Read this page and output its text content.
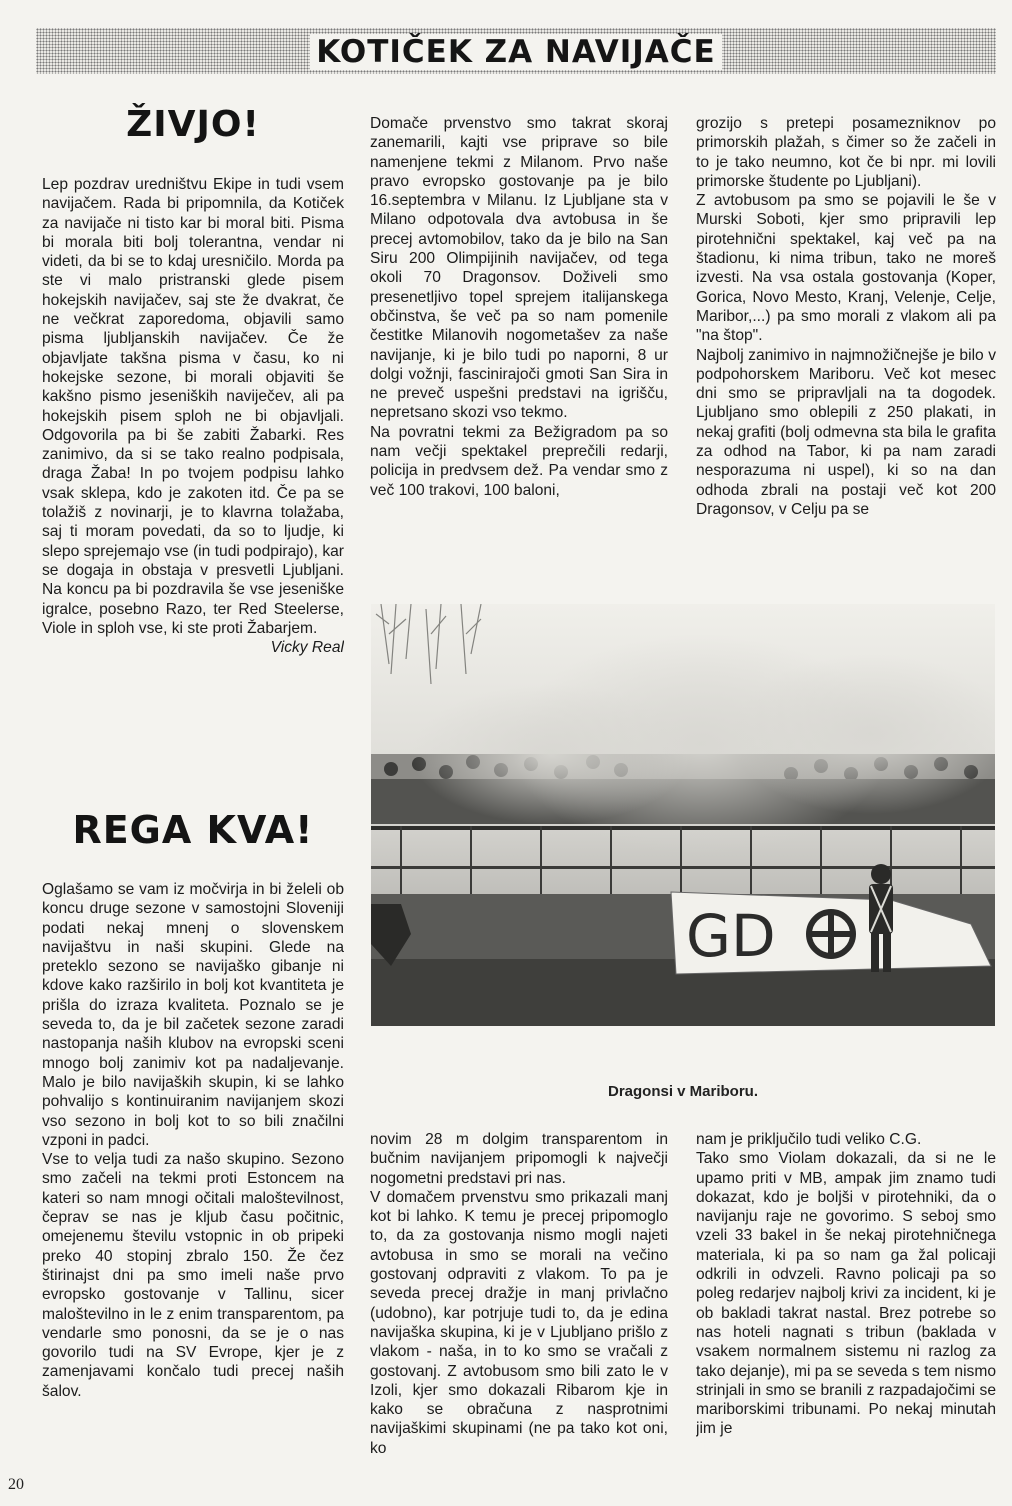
KOTIČEK ZA NAVIJAČE
ŽIVJO!

Lep pozdrav uredništvu Ekipe in tudi vsem navijačem. Rada bi pripomnila, da Kotiček za navijače ni tisto kar bi moral biti. Pisma bi morala biti bolj tolerantna, vendar ni videti, da bi se to kdaj uresničilo. Morda pa ste vi malo pristranski glede pisem hokejskih navijačev, saj ste že dvakrat, če ne večkrat zaporedoma, objavili samo pisma ljubljanskih navijačev. Če že objavljate takšna pisma v času, ko ni hokejske sezone, bi morali objaviti še kakšno pismo jeseniških naviječev, ali pa hokejskih pisem sploh ne bi objavljali. Odgovorila pa bi še zabiti Žabarki. Res zanimivo, da si se tako realno podpisala, draga Žaba! In po tvojem podpisu lahko vsak sklepa, kdo je zakoten itd. Če pa se tolažiš z novinarji, je to klavrna tolažaba, saj ti moram povedati, da so to ljudje, ki slepo sprejemajo vse (in tudi podpirajo), kar se dogaja in obstaja v presvetli Ljubljani. Na koncu pa bi pozdravila še vse jeseniške igralce, posebno Razo, ter Red Steelerse, Viole in sploh vse, ki ste proti Žabarjem.

Vicky Real
REGA KVA!

Oglašamo se vam iz močvirja in bi želeli ob koncu druge sezone v samostojni Sloveniji podati nekaj mnenj o slovenskem navijaštvu in naši skupini. Glede na preteklo sezono se navijaško gibanje ni kdove kako razširilo in bolj kot kvantiteta je prišla do izraza kvaliteta. Poznalo se je seveda to, da je bil začetek sezone zaradi nastopanja naših klubov na evropski sceni mnogo bolj zanimiv kot pa nadaljevanje. Malo je bilo navijaških skupin, ki se lahko pohvalijo s kontinuiranim navijanjem skozi vso sezono in bolj kot to so bili značilni vzponi in padci.

Vse to velja tudi za našo skupino. Sezono smo začeli na tekmi proti Estoncem na kateri so nam mnogi očitali maloštevilnost, čeprav se nas je kljub času počitnic, omejenemu številu vstopnic in ob pripeki preko 40 stopinj zbralo 150. Že čez štirinajst dni pa smo imeli naše prvo evropsko gostovanje v Tallinu, sicer maloštevilno in le z enim transparentom, pa vendarle smo ponosni, da se je o nas govorilo tudi na SV Evrope, kjer je z zamenjavami končalo tudi precej naših šalov.

Domače prvenstvo smo takrat skoraj zanemarili, kajti vse priprave so bile namenjene tekmi z Milanom. Prvo naše pravo evropsko gostovanje pa je bilo 16.septembra v Milanu. Iz Ljubljane sta v Milano odpotovala dva avtobusa in še precej avtomobilov, tako da je bilo na San Siru 200 Olimpijinih navijačev, od tega okoli 70 Dragonsov. Doživeli smo presenetljivo topel sprejem italijanskega občinstva, še več pa so nam pomenile čestitke Milanovih nogometašev za naše navijanje, ki je bilo tudi po naporni, 8 ur dolgi vožnji, fascinirajoči gmoti San Sira in ne preveč uspešni predstavi na igrišču, nepretsano skozi vso tekmo.

Na povratni tekmi za Bežigradom pa so nam večji spektakel preprečili redarji, policija in predvsem dež. Pa vendar smo z več 100 trakovi, 100 baloni,

grozijo s pretepi posamezniknov po primorskih plažah, s čimer so že začeli in to je tako neumno, kot če bi npr. mi lovili primorske študente po Ljubljani).

Z avtobusom pa smo se pojavili le še v Murski Soboti, kjer smo pripravili lep pirotehnični spektakel, kaj več pa na štadionu, ki nima tribun, tako ne moreš izvesti. Na vsa ostala gostovanja (Koper, Gorica, Novo Mesto, Kranj, Velenje, Celje, Maribor,...) pa smo morali z vlakom ali pa "na štop".

Najbolj zanimivo in najmnožičnejše je bilo v podpohorskem Mariboru. Več kot mesec dni smo se pripravljali na ta dogodek. Ljubljano smo oblepili z 250 plakati, in nekaj grafiti (bolj odmevna sta bila le grafita za odhod na Tabor, ki pa nam zaradi nesporazuma ni uspel), ki so na dan odhoda zbrali na postaji več kot 200 Dragonsov, v Celju pa se

GD
Dragonsi v Mariboru.

novim 28 m dolgim transparentom in bučnim navijanjem pripomogli k največji nogometni predstavi pri nas.

V domačem prvenstvu smo prikazali manj kot bi lahko. K temu je precej pripomoglo to, da za gostovanja nismo mogli najeti avtobusa in smo se morali na večino gostovanj odpraviti z vlakom. To pa je seveda precej dražje in manj privlačno (udobno), kar potrjuje tudi to, da je edina navijaška skupina, ki je v Ljubljano prišlo z vlakom - naša, in to ko smo se vračali z gostovanj. Z avtobusom smo bili zato le v Izoli, kjer smo dokazali Ribarom kje in kako se obračuna z nasprotnimi navijaškimi skupinami (ne pa tako kot oni, ko

nam je priključilo tudi veliko C.G.

Tako smo Violam dokazali, da si ne le upamo priti v MB, ampak jim znamo tudi dokazat, kdo je boljši v pirotehniki, da o navijanju raje ne govorimo. S seboj smo vzeli 33 bakel in še nekaj pirotehničnega materiala, ki pa so nam ga žal policaji odkrili in odvzeli. Ravno policaji pa so poleg redarjev najbolj krivi za incident, ki je ob bakladi takrat nastal. Brez potrebe so nas hoteli nagnati s tribun (baklada v vsakem normalnem sistemu ni razlog za tako dejanje), mi pa se seveda s tem nismo strinjali in smo se branili z razpadajočimi se mariborskimi tribunami. Po nekaj minutah jim je

20
